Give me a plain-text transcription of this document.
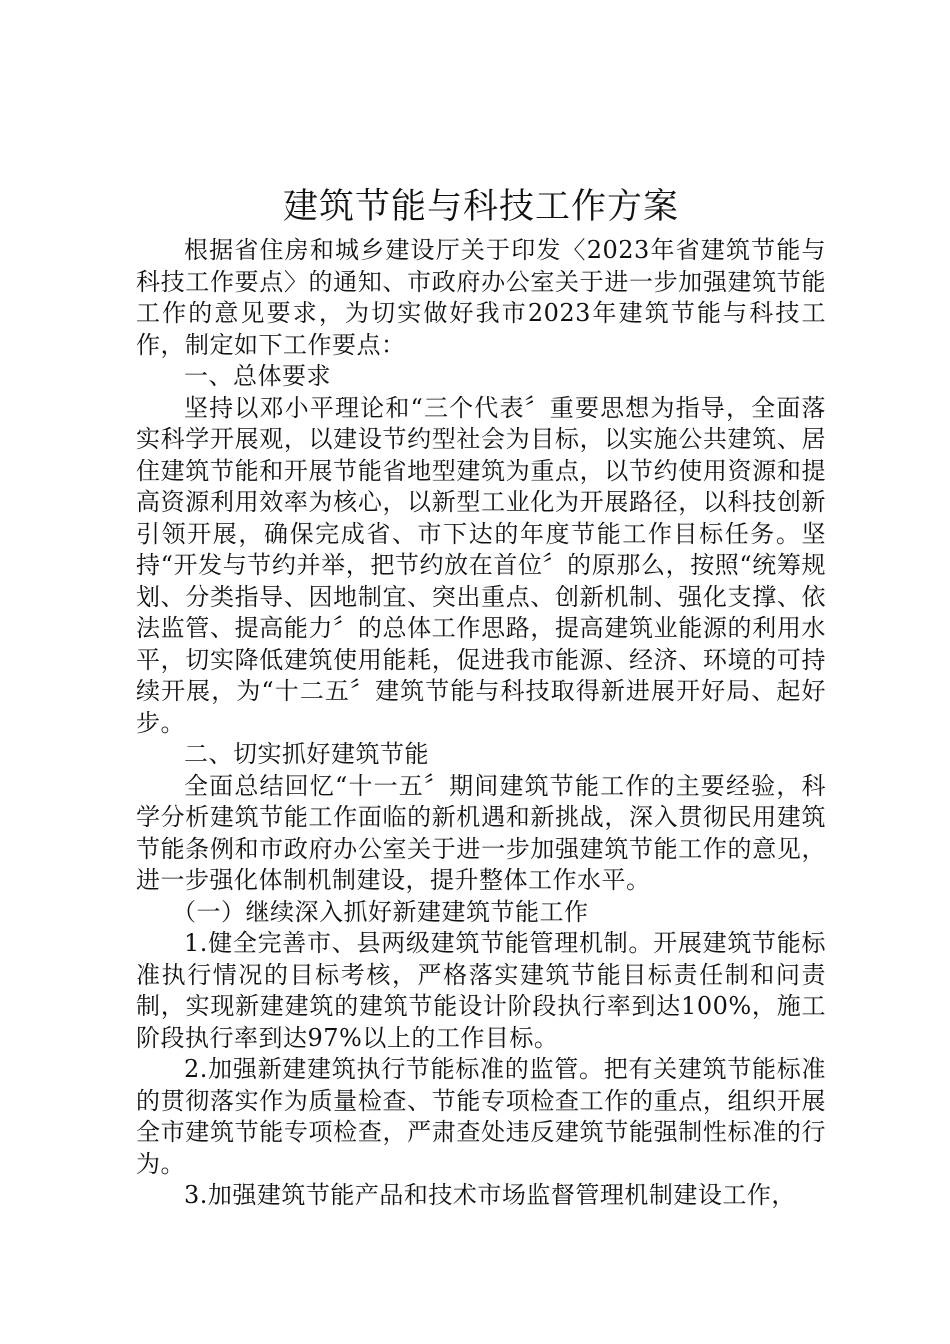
建筑节能与科技工作方案

根据省住房和城乡建设厅关于印发〈2023年省建筑节能与科技工作要点〉的通知、市政府办公室关于进一步加强建筑节能工作的意见要求，为切实做好我市2023年建筑节能与科技工作，制定如下工作要点：

一、总体要求

坚持以邓小平理论和“三个代表〞重要思想为指导，全面落实科学开展观，以建设节约型社会为目标，以实施公共建筑、居住建筑节能和开展节能省地型建筑为重点，以节约使用资源和提高资源利用效率为核心，以新型工业化为开展路径，以科技创新引领开展，确保完成省、市下达的年度节能工作目标任务。坚持“开发与节约并举，把节约放在首位〞的原那么，按照“统筹规划、分类指导、因地制宜、突出重点、创新机制、强化支撑、依法监管、提高能力〞的总体工作思路，提高建筑业能源的利用水平，切实降低建筑使用能耗，促进我市能源、经济、环境的可持续开展，为“十二五〞建筑节能与科技取得新进展开好局、起好步。

二、切实抓好建筑节能

全面总结回忆“十一五〞期间建筑节能工作的主要经验，科学分析建筑节能工作面临的新机遇和新挑战，深入贯彻民用建筑节能条例和市政府办公室关于进一步加强建筑节能工作的意见，进一步强化体制机制建设，提升整体工作水平。

（一）继续深入抓好新建建筑节能工作

1.健全完善市、县两级建筑节能管理机制。开展建筑节能标准执行情况的目标考核，严格落实建筑节能目标责任制和问责制，实现新建建筑的建筑节能设计阶段执行率到达100%，施工阶段执行率到达97%以上的工作目标。

2.加强新建建筑执行节能标准的监管。把有关建筑节能标准的贯彻落实作为质量检查、节能专项检查工作的重点，组织开展全市建筑节能专项检查，严肃查处违反建筑节能强制性标准的行为。

3.加强建筑节能产品和技术市场监督管理机制建设工作，
